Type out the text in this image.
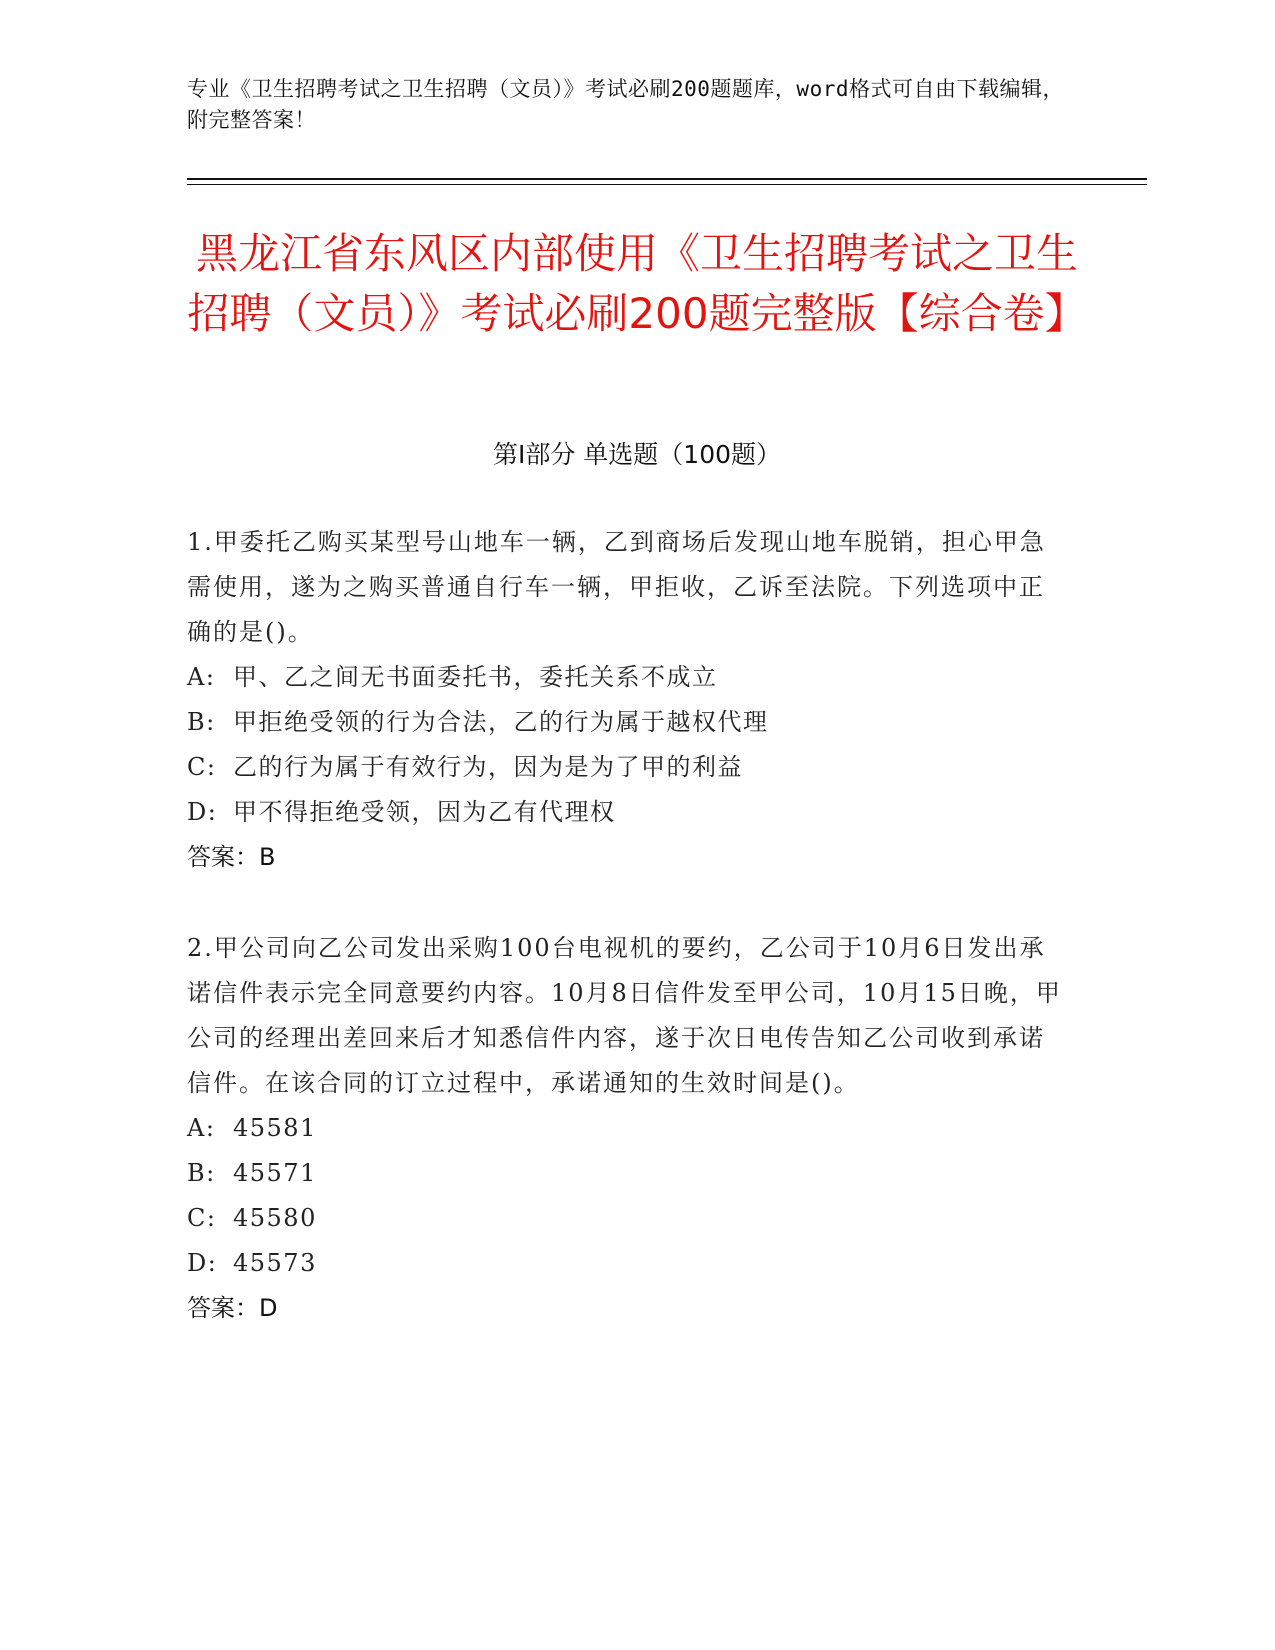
专业《卫生招聘考试之卫生招聘（文员）》考试必刷200题题库，word格式可自由下载编辑，附完整答案！
黑龙江省东风区内部使用《卫生招聘考试之卫生招聘（文员）》考试必刷200题完整版【综合卷】
第I部分 单选题（100题）
1.甲委托乙购买某型号山地车一辆，乙到商场后发现山地车脱销，担心甲急需使用，遂为之购买普通自行车一辆，甲拒收，乙诉至法院。下列选项中正确的是()。
A: 甲、乙之间无书面委托书，委托关系不成立
B: 甲拒绝受领的行为合法，乙的行为属于越权代理
C: 乙的行为属于有效行为，因为是为了甲的利益
D: 甲不得拒绝受领，因为乙有代理权
答案：B
2.甲公司向乙公司发出采购100台电视机的要约，乙公司于10月6日发出承诺信件表示完全同意要约内容。10月8日信件发至甲公司，10月15日晚，甲公司的经理出差回来后才知悉信件内容，遂于次日电传告知乙公司收到承诺信件。在该合同的订立过程中，承诺通知的生效时间是()。
A: 45581
B: 45571
C: 45580
D: 45573
答案：D
